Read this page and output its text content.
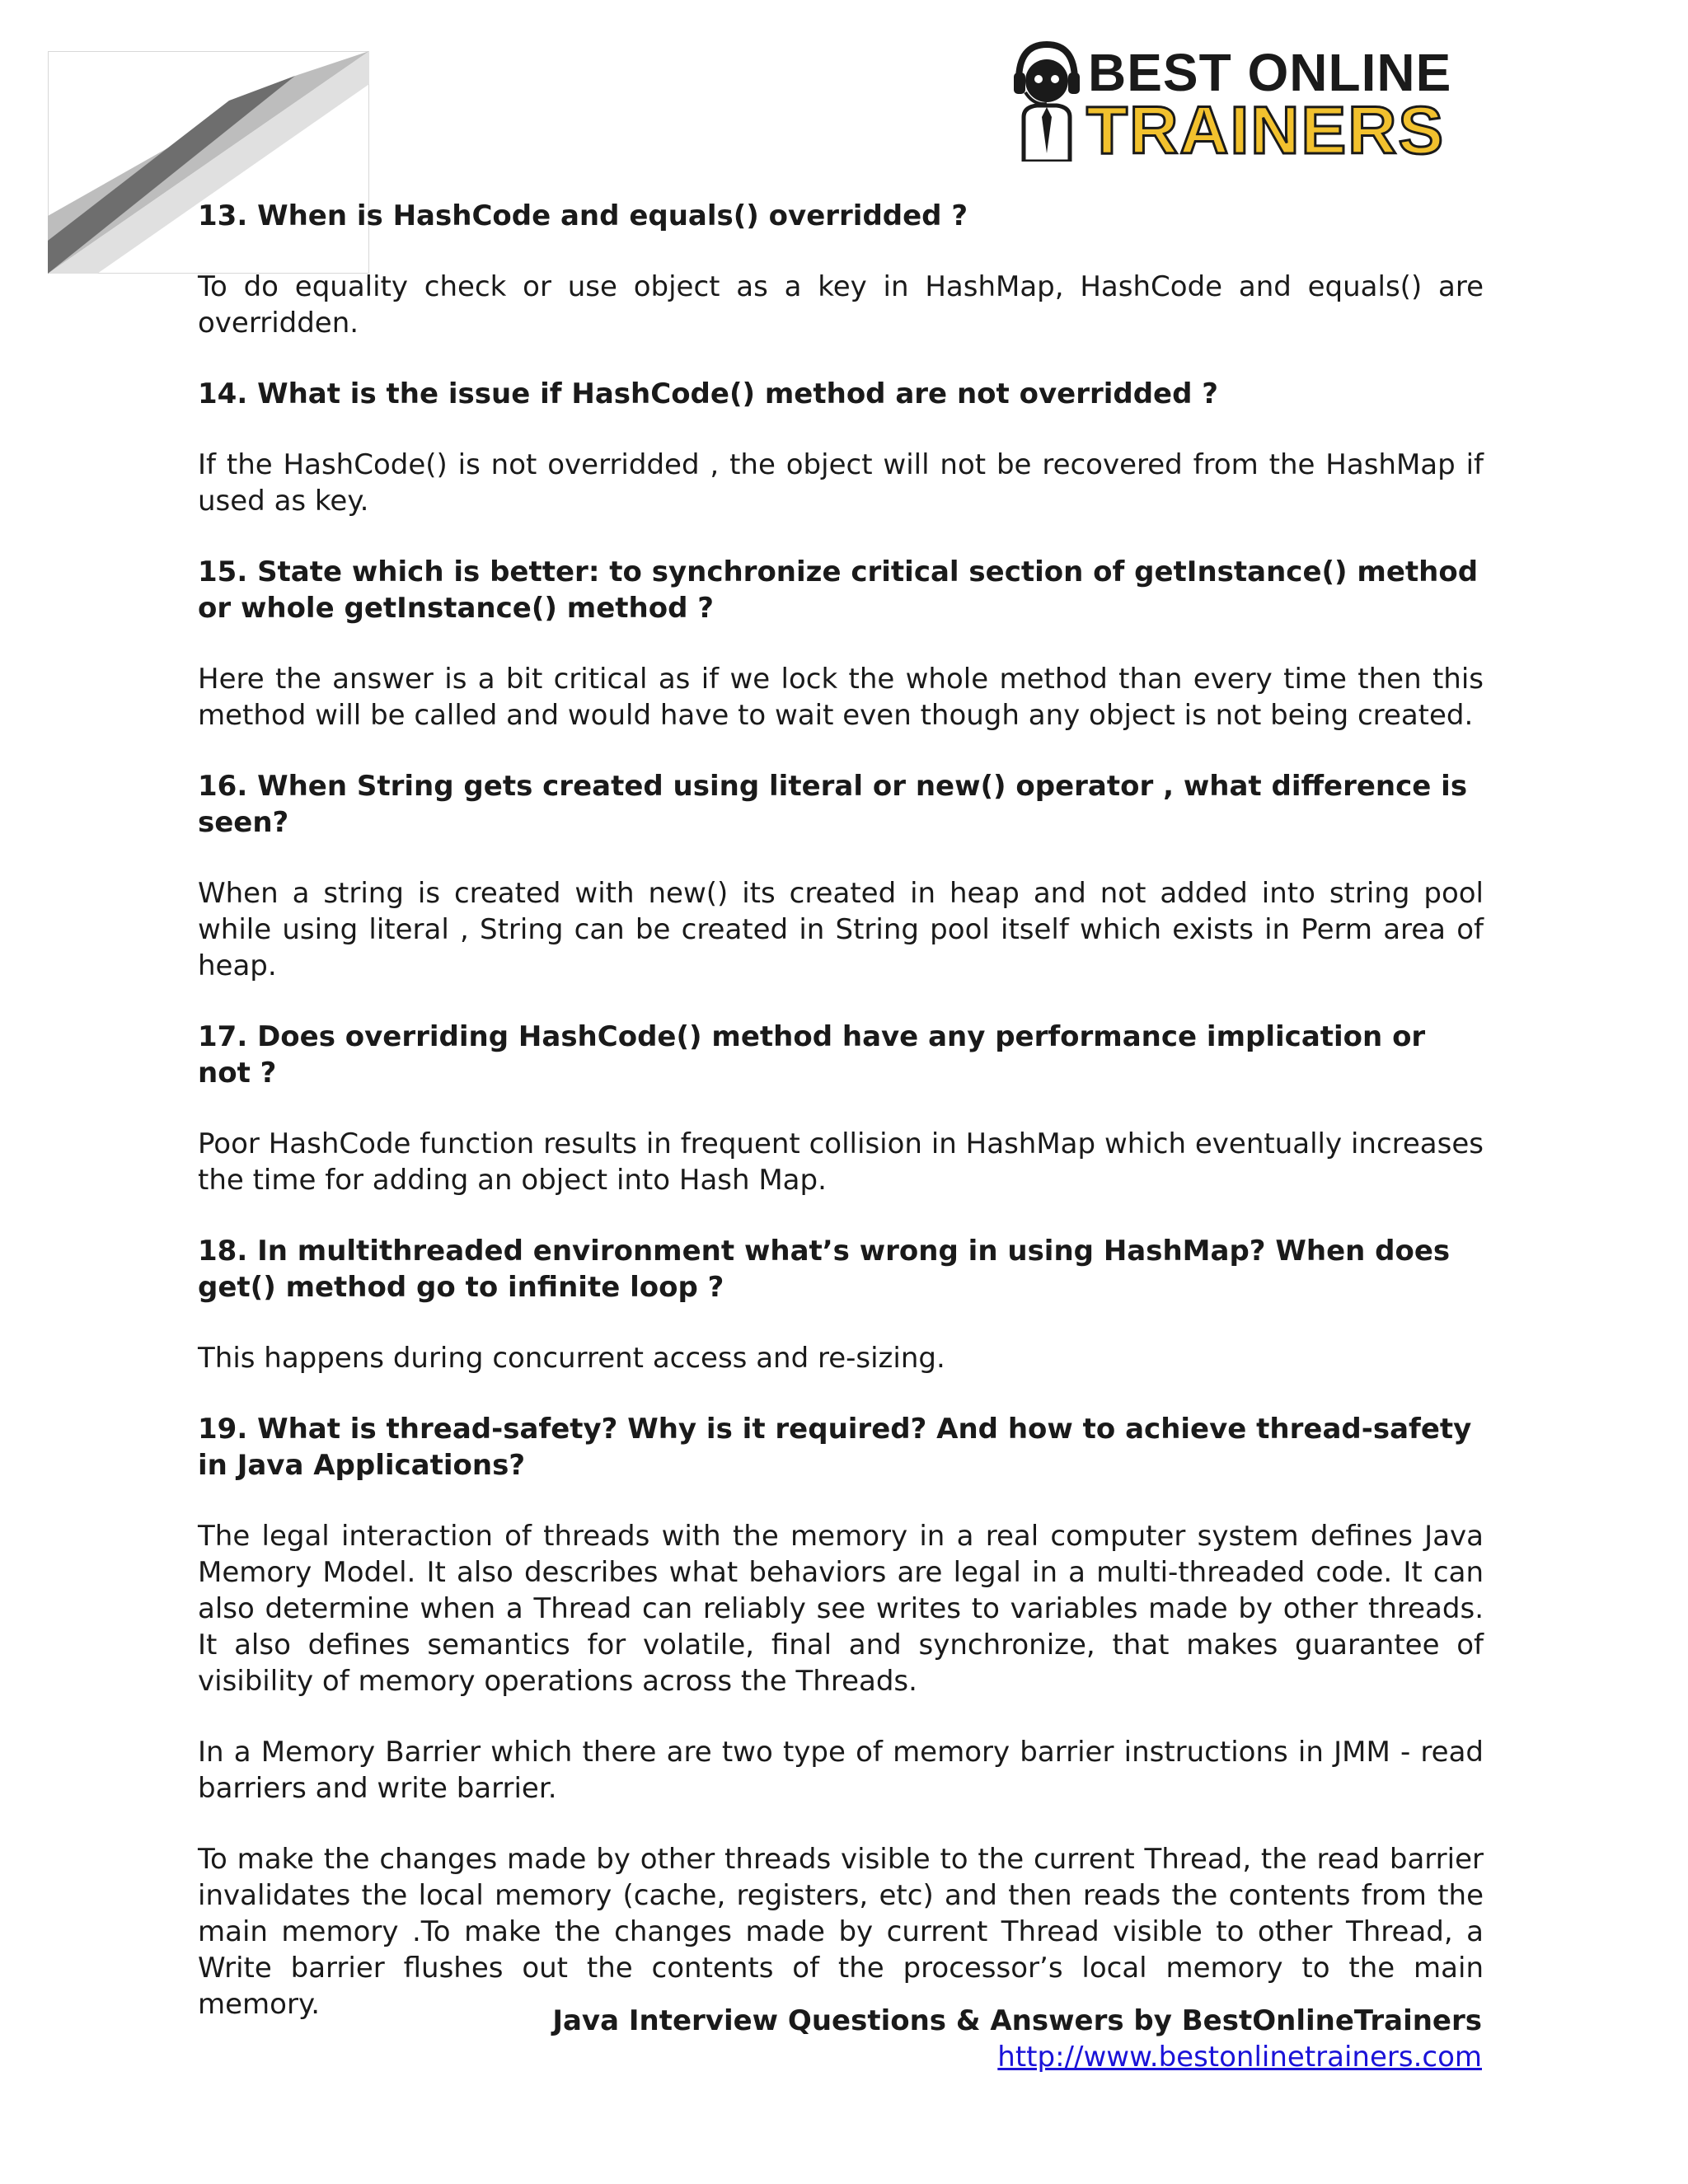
BEST ONLINE
TRAINERS

13. When is HashCode and equals() overridded ?

To do equality check or use object as a key in HashMap, HashCode and equals() are overridden.

14. What is the issue if HashCode() method are not overridded ?

If the HashCode() is not overridded , the object will not be recovered from the HashMap if used as key.

15. State which is better: to synchronize critical section of getInstance() method or whole getInstance() method ?

Here the answer is a bit critical as if we lock the whole method than every time then this method will be called and would have to wait even though any object is not being created.

16. When String gets created using literal or new() operator , what difference is seen?

When a string is created with new() its created in heap and not added into string pool while using literal , String can be created in String pool itself which exists in Perm area of heap.

17. Does overriding HashCode() method have any performance implication or not ?

Poor HashCode function results in frequent collision in HashMap which eventually increases the time for adding an object into Hash Map.

18. In multithreaded environment what’s wrong in using HashMap? When does get() method go to infinite loop ?

This happens during concurrent access and re-sizing.

19. What is thread-safety? Why is it required? And how to achieve thread-safety in Java Applications?

The legal interaction of threads with the memory in a real computer system defines Java Memory Model. It also describes what behaviors are legal in a multi-threaded code. It can also determine when a Thread can reliably see writes to variables made by other threads. It also defines semantics for volatile, final and synchronize, that makes guarantee of visibility of memory operations across the Threads.

In a Memory Barrier which there are two type of memory barrier instructions in JMM - read barriers and write barrier.

To make the changes made by other threads visible to the current Thread, the read barrier invalidates the local memory (cache, registers, etc) and then reads the contents from the main memory .To make the changes made by current Thread visible to other Thread, a Write barrier flushes out the contents of the processor’s local memory to the main memory.	Java Interview Questions & Answers by BestOnlineTrainers
http://www.bestonlinetrainers.com
